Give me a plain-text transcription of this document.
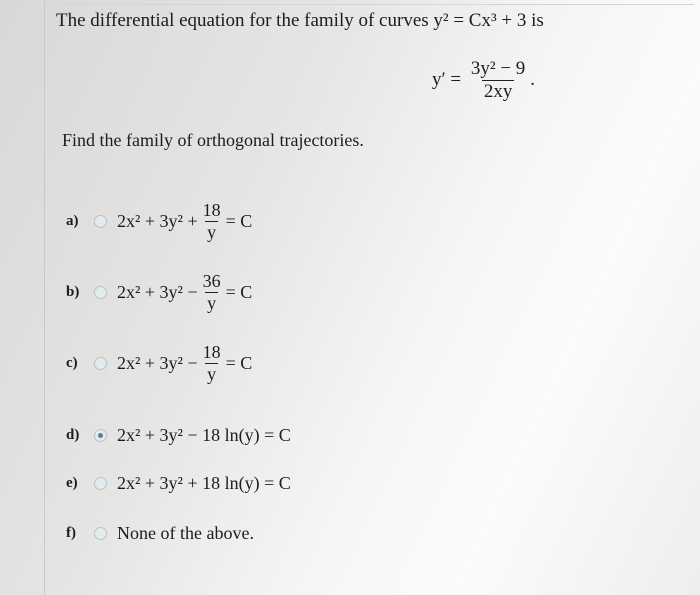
The differential equation for the family of curves y² = Cx³ + 3 is
$y' = \frac{\text{3y² − 9}}{2xy}$ .
Find the family of orthogonal trajectories.
a)	$2x^2 + 3y^2 + \frac{18}{y} = C$
b)	$2x^2 + 3y^2 - \frac{36}{y} = C$
c)	$2x^2 + 3y^2 - \frac{18}{y} = C$
d)	2x² + 3y² − 18 ln(y) = C
e)	2x² + 3y² + 18 ln(y) = C
f)	None of the above.
